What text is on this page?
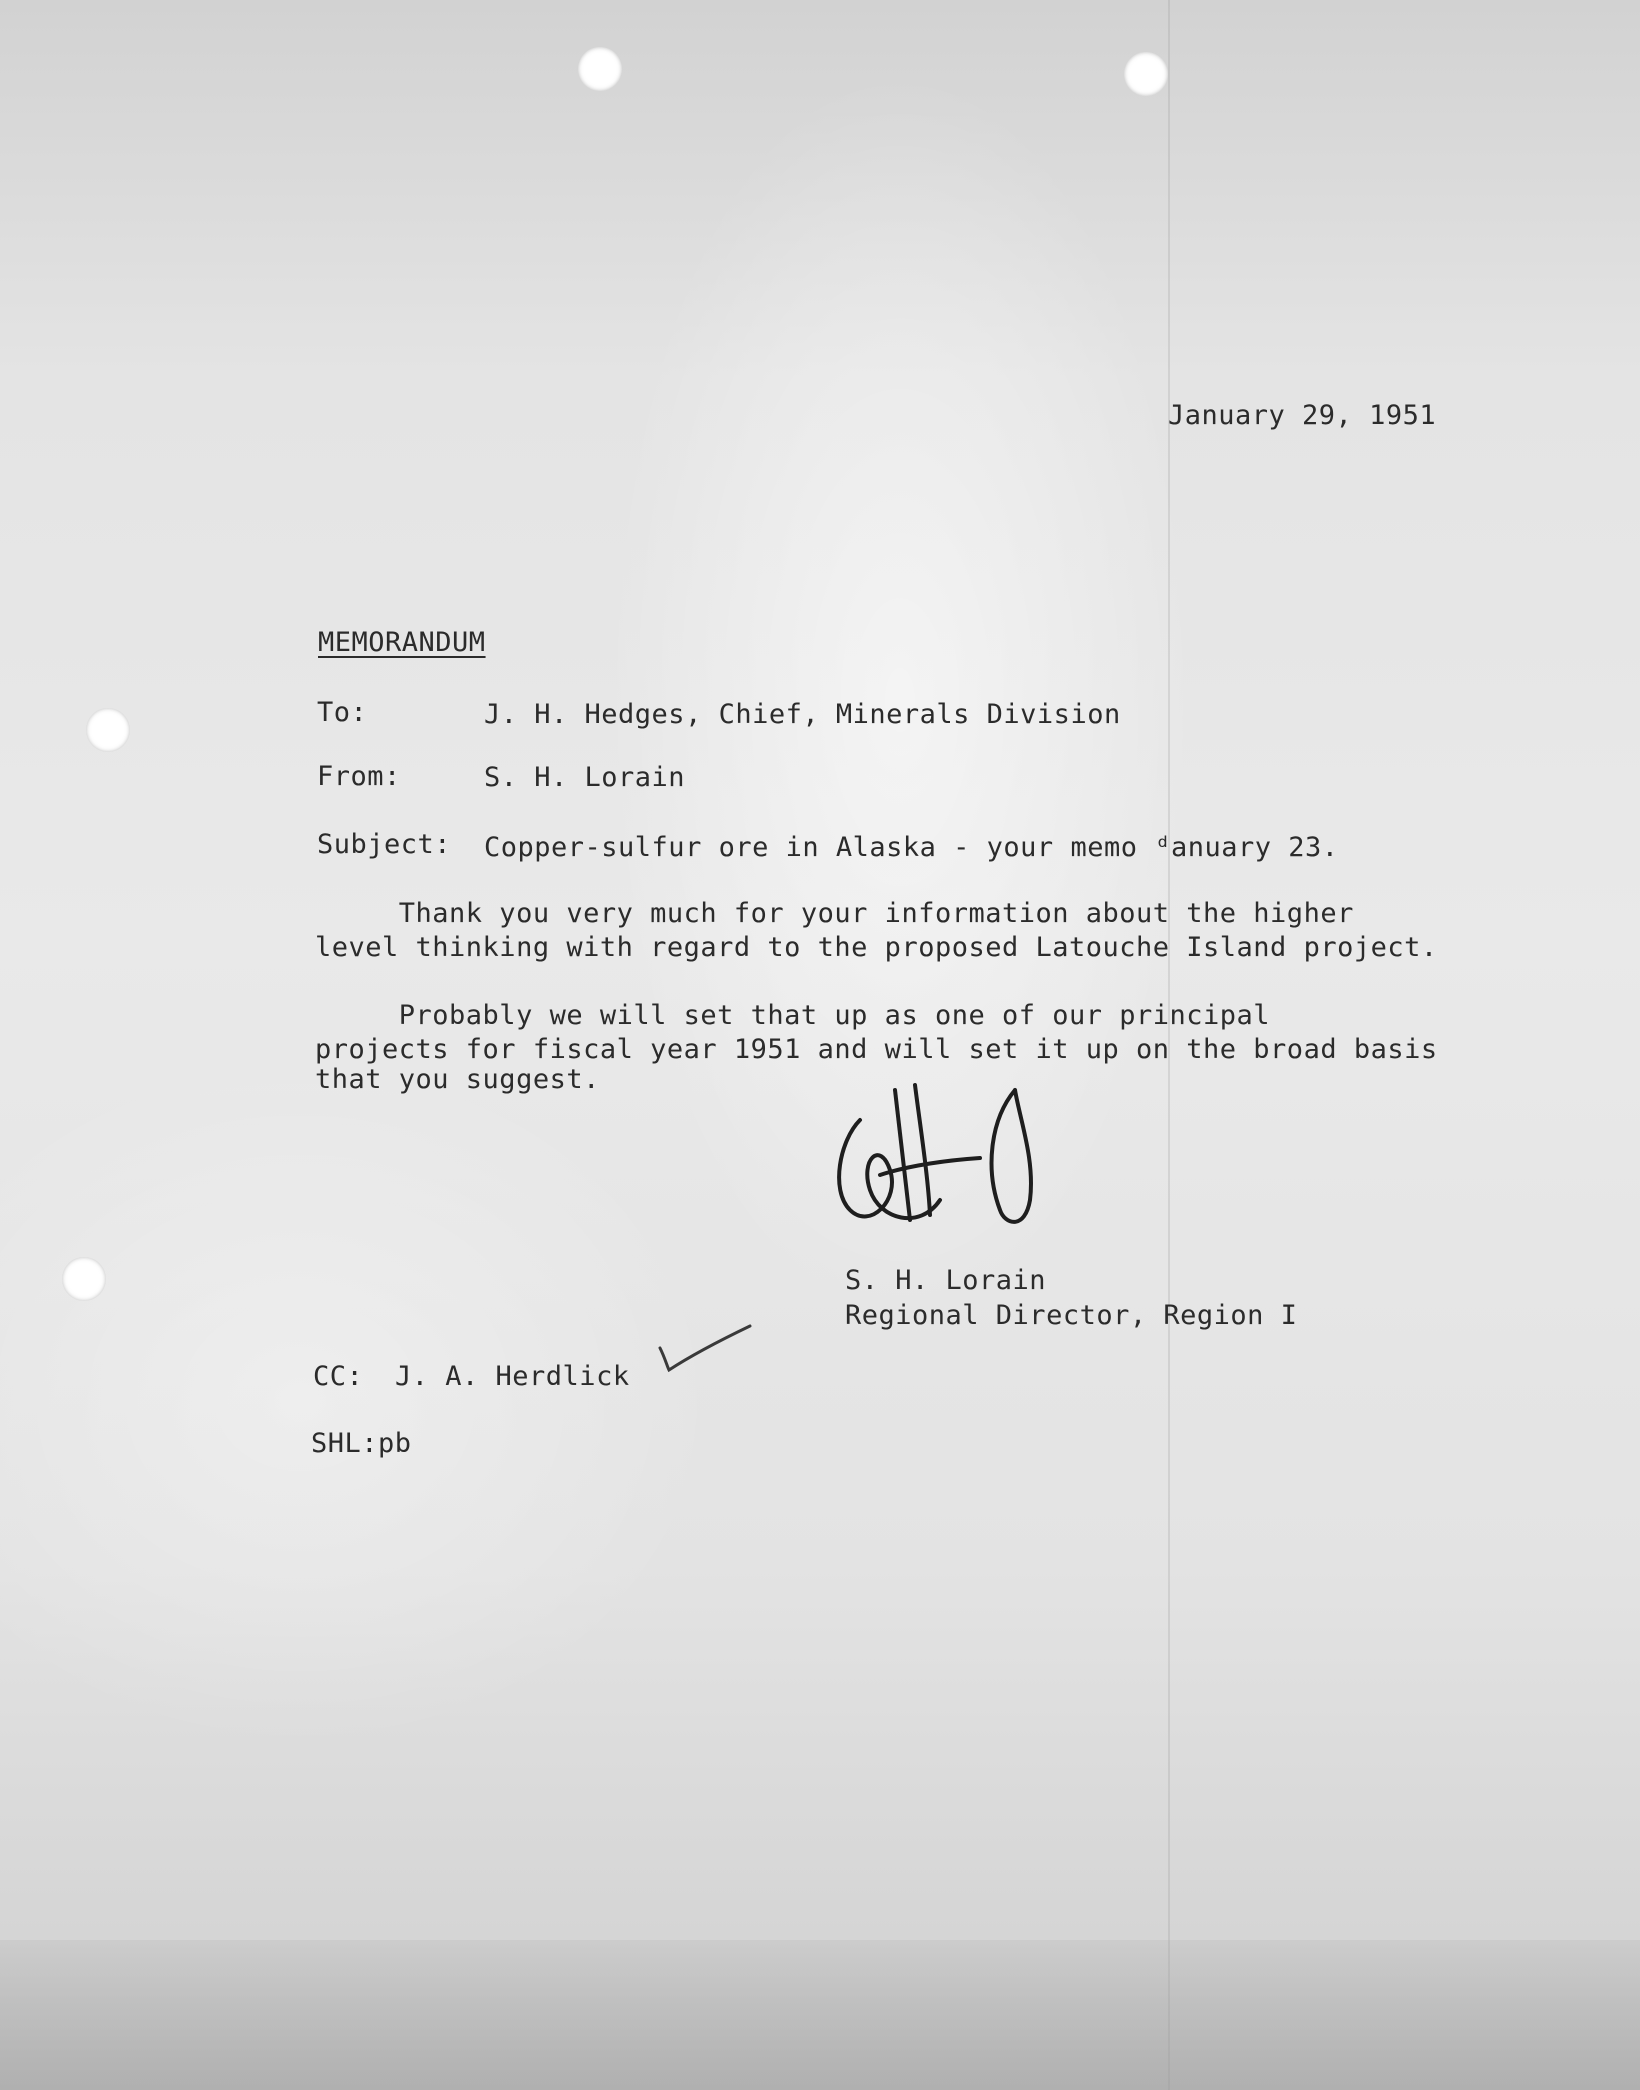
January 29, 1951
MEMORANDUM
To:	J. H. Hedges, Chief, Minerals Division
From:	S. H. Lorain
Subject: Copper-sulfur ore in Alaska - your memo ᵈanuary 23.
Thank you very much for your information about the higher
level thinking with regard to the proposed Latouche Island project.
Probably we will set that up as one of our principal
projects for fiscal year 1951 and will set it up on the broad basis
that you suggest.
S. H. Lorain
Regional Director, Region I
CC: J. A. Herdlick
SHL:pb
